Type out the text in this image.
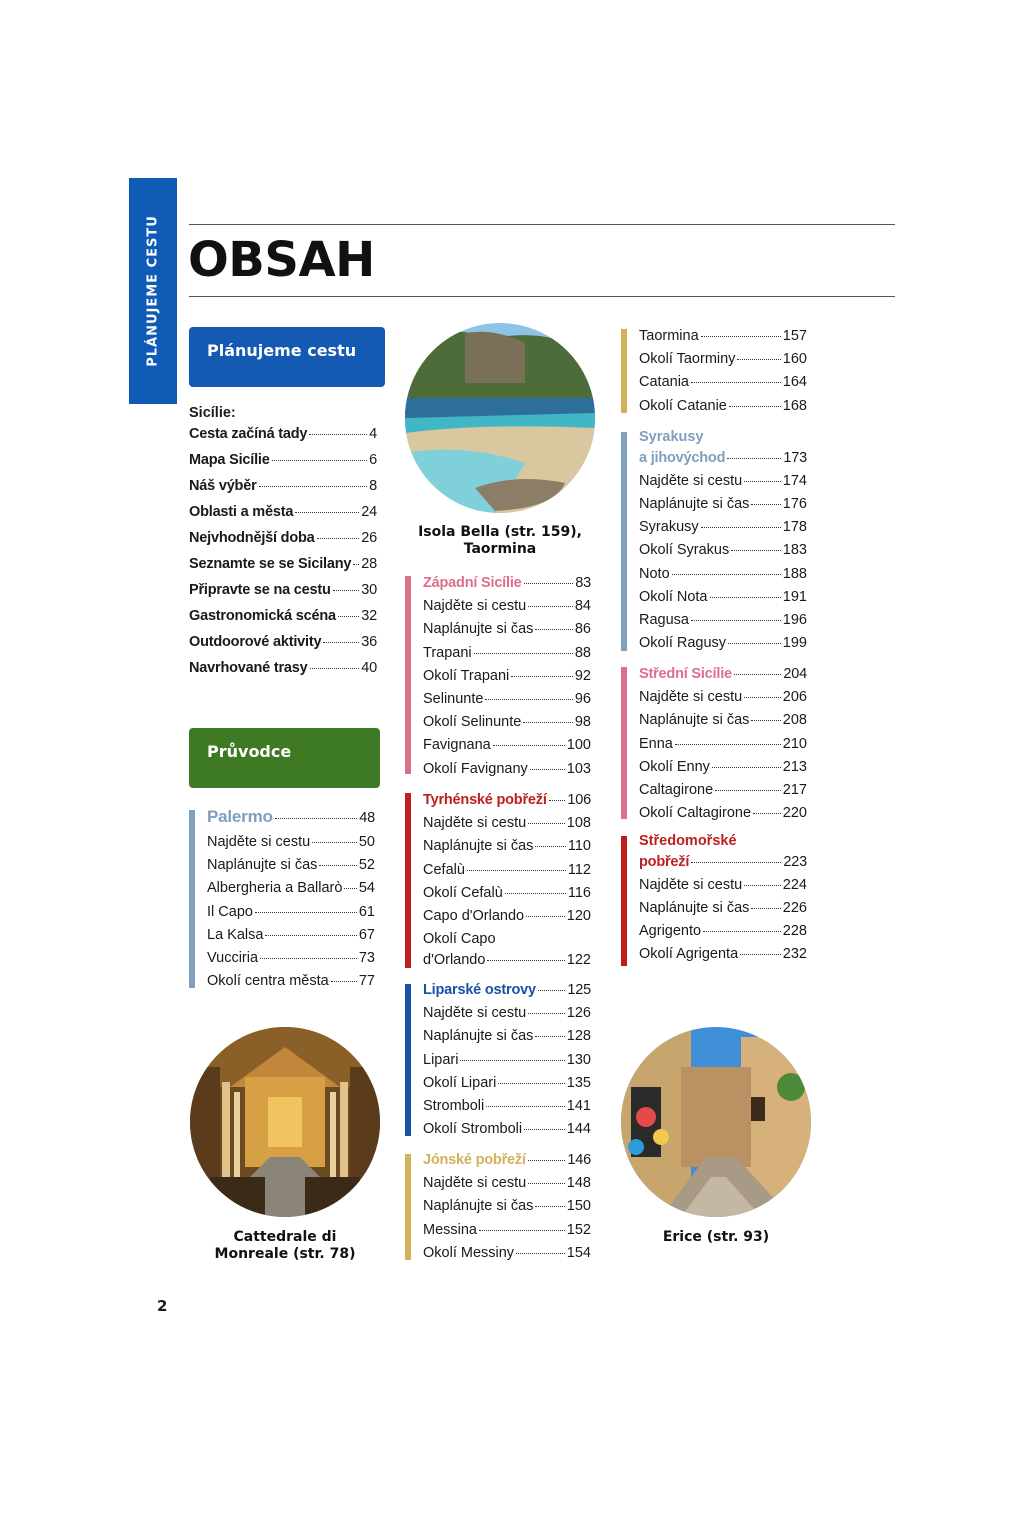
PLÁNUJEME CESTU OBSAH
Plánujeme cestu
Sicílie:
Cesta začíná tady	4
Mapa Sicílie	6
Náš výběr	8
Oblasti a města	24
Nejvhodnější doba	26
Seznamte se se Sicilany 28
Připravte se na cestu 30
Gastronomická scéna 32
Outdoorové aktivity	36
Navrhované trasy	40
Průvodce
Palermo	48
Najděte si cestu	50
Naplánujte si čas	52
Albergheria a Ballarò 54
Il Capo	61
La Kalsa	67
Vucciria	73
Okolí centra města 77
Cattedrale di
Monreale (str. 78)
Isola Bella (str. 159),
Taormina
Západní Sicílie	83
Najděte si cestu	84
Naplánujte si čas	86
Trapani	88
Okolí Trapani	92
Selinunte	96
Okolí Selinunte	98
Favignana	100
Okolí Favignany	103
Tyrhénské pobřeží 106
Najděte si cestu	108
Naplánujte si čas 110
Cefalù	112
Okolí Cefalù	116
Capo d'Orlando	120
Okolí Capo
d'Orlando	122
Liparské ostrovy 125
Najděte si cestu	126
Naplánujte si čas 128
Lipari	130
Okolí Lipari	135
Stromboli	141
Okolí Stromboli	144
Jónské pobřeží	146
Najděte si cestu	148
Naplánujte si čas 150
Messina	152
Okolí Messiny	154
Taormina	157
Okolí Taorminy	160
Catania	164
Okolí Catanie	168
Syrakusy
a jihovýchod	173
Najděte si cestu	174
Naplánujte si čas 176
Syrakusy	178
Okolí Syrakus	183
Noto	188
Okolí Nota	191
Ragusa	196
Okolí Ragusy	199
Střední Sicílie	204
Najděte si cestu	206
Naplánujte si čas 208
Enna	210
Okolí Enny	213
Caltagirone	217
Okolí Caltagirone 220
Středomořské
pobřeží	223
Najděte si cestu	224
Naplánujte si čas 226
Agrigento	228
Okolí Agrigenta	232
Erice (str. 93)
2
